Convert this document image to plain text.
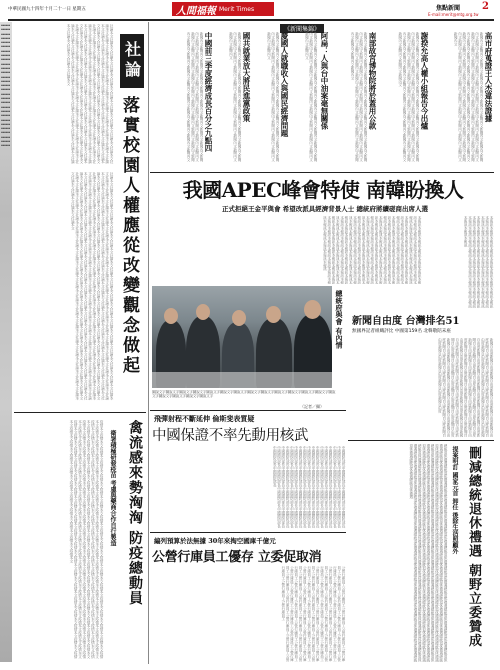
中華民國九十四年十月二十一日 星期五	人間福報 Merit Times	焦點新聞 2
E-mail:merit@mtg.org.tw
▪▪▪▪▪▪▪▪▪▪▪▪▪▪▪▪▪▪▪▪▪▪▪▪▪▪▪▪▪▪▪▪▪▪▪▪▪▪▪▪▪▪▪▪▪▪▪▪▪▪▪▪▪▪▪▪▪▪▪▪▪▪▪▪▪▪▪▪▪▪▪▪▪▪▪▪▪▪▪▪▪▪▪▪▪▪▪▪▪▪▪▪▪▪▪▪▪▪▪▪▪▪▪▪▪▪▪▪▪▪▪▪▪▪▪▪▪▪▪▪▪▪▪▪▪▪▪▪▪▪▪▪▪▪▪▪▪▪▪▪▪▪▪▪▪▪▪▪▪▪▪▪▪▪▪▪▪▪▪▪▪▪▪▪▪▪▪▪▪▪▪▪▪▪
社論
落實校園人權應從改變觀念做起
社論本文社論本文社論本文社論本文社論本文社論本文社論本文社論本文社論本文社論本文社論本文社論本文社論本文社論本文社論本文社論本文社論本文社論本文社論本文社論本文社論本文社論本文社論本文社論本文社論本文社論本文社論本文社論本文社論本文社論本文社論本文社論本文社論本文社論本文社論本文社論本文社論本文社論本文社論本文社論本文社論本文社論本文社論本文社論本文社論本文社論本文社論本文社論本文社論本文社論本文社論本文社論本文社論本文社論本文社論本文社論本文社論本文社論本文社論本文社論本文社論本文社論本文社論本文社論本文社論本文社論本文社論本文社論本文社論本文社論本文社論本文社論本文社論本文社論本文社論本文社論本文社論本文社論本文社論本文社論本文社論本文社論本文社論本文社論本文社論本文社論本文社論本文社論本文社論本文社論本文社論本文社論本文社論本文社論本文社論本文社論本文社論本文社論本文社論本文社論本文社論本文社論本文社論本文社論本文社論本文社論本文社論本文
社論本文社論本文社論本文社論本文社論本文社論本文社論本文社論本文社論本文社論本文社論本文社論本文社論本文社論本文社論本文社論本文社論本文社論本文社論本文社論本文社論本文社論本文社論本文社論本文社論本文社論本文社論本文社論本文社論本文社論本文社論本文社論本文社論本文社論本文社論本文社論本文社論本文社論本文社論本文社論本文社論本文社論本文社論本文社論本文社論本文社論本文社論本文社論本文社論本文社論本文社論本文社論本文社論本文社論本文社論本文社論本文社論本文社論本文社論本文社論本文社論本文社論本文社論本文社論本文社論本文社論本文社論本文社論本文社論本文社論本文社論本文社論本文社論本文社論本文社論本文社論本文社論本文社論本文社論本文社論本文社論本文社論本文社論本文社論本文社論本文社論本文社論本文社論本文社論本文社論本文社論本文社論本文社論本文社論本文社論本文社論本文社論本文社論本文社論本文社論本文社論本文社論本文社論本文社論本文社論本文社論本文社論本文社論本文社論本文社論本文社論本文社論本文社論本文社論本文社論本文社論本文社論本文社論本文社論本文社論本文社論本文社論本文社論本文社論本文社論本文社論本文社論本文社論本文社論本文社論本文社論本文社論本文社論本文社論本文社論本文社論本文社論本文社論本文社論本文社論本文社論本文社論本文社論本文社論本文社論本文社論本文社論本文社論本文社論本文社論本文社論本文社論本文社論本文社論本文社論本文
禽流感來勢洶洶 防疫總動員
衛署積極研發疫苗 考慮與藥商合作自行製造
疫情本文疫情本文疫情本文疫情本文疫情本文疫情本文疫情本文疫情本文疫情本文疫情本文疫情本文疫情本文疫情本文疫情本文疫情本文疫情本文疫情本文疫情本文疫情本文疫情本文疫情本文疫情本文疫情本文疫情本文疫情本文疫情本文疫情本文疫情本文疫情本文疫情本文疫情本文疫情本文疫情本文疫情本文疫情本文疫情本文疫情本文疫情本文疫情本文疫情本文疫情本文疫情本文疫情本文疫情本文疫情本文疫情本文疫情本文疫情本文疫情本文疫情本文疫情本文疫情本文疫情本文疫情本文疫情本文疫情本文疫情本文疫情本文疫情本文疫情本文疫情本文疫情本文疫情本文疫情本文疫情本文疫情本文疫情本文疫情本文疫情本文疫情本文疫情本文疫情本文疫情本文疫情本文疫情本文疫情本文疫情本文疫情本文疫情本文疫情本文疫情本文疫情本文疫情本文疫情本文疫情本文疫情本文疫情本文疫情本文疫情本文疫情本文疫情本文疫情本文疫情本文疫情本文疫情本文疫情本文疫情本文疫情本文疫情本文疫情本文疫情本文疫情本文疫情本文疫情本文疫情本文疫情本文疫情本文疫情本文疫情本文疫情本文疫情本文疫情本文疫情本文疫情本文疫情本文疫情本文疫情本文疫情本文疫情本文疫情本文疫情本文疫情本文疫情本文疫情本文疫情本文疫情本文疫情本文疫情本文疫情本文疫情本文疫情本文疫情本文疫情本文
《新聞集錦》
高市府蒐證王人杰違法證據
謝揆允高人權小組報告今出爐
南部故宮博物院將於蓋用公款
阿扁：人與台中油案毫無關係
慶國人就職收入與國民經濟問題
國共就業放大將民進黨政策
中國前三季度經濟成長百分之九點四	新聞內文新聞內文新聞內文新聞內文新聞內文新聞內文新聞內文新聞內文新聞內文新聞內文新聞內文新聞內文新聞內文新聞內文新聞內文新聞內文新聞內文新聞內文新聞內文新聞內文新聞內文新聞內文新聞內文新聞內文新聞內文新聞內文新聞內文新聞內文新聞內文新聞內文新聞內文新聞內文新聞內文新聞內文新聞內文新聞內文新聞內文新聞內文新聞內文新聞內文新聞內文新聞內文新聞內文新聞內文新聞內文新聞內文新聞內文新聞內文新聞內文新聞內文新聞內文新聞內文新聞內文新聞內文新聞內文新聞內文新聞內文新聞內文
新聞內文新聞內文新聞內文新聞內文新聞內文新聞內文新聞內文新聞內文新聞內文新聞內文新聞內文新聞內文新聞內文新聞內文新聞內文新聞內文新聞內文新聞內文新聞內文新聞內文新聞內文新聞內文新聞內文新聞內文新聞內文新聞內文新聞內文新聞內文新聞內文新聞內文新聞內文新聞內文新聞內文新聞內文新聞內文新聞內文新聞內文新聞內文新聞內文新聞內文新聞內文新聞內文
新聞內文新聞內文新聞內文新聞內文新聞內文新聞內文新聞內文新聞內文新聞內文新聞內文新聞內文新聞內文新聞內文新聞內文新聞內文新聞內文新聞內文新聞內文新聞內文新聞內文新聞內文新聞內文新聞內文新聞內文新聞內文新聞內文新聞內文新聞內文新聞內文新聞內文新聞內文新聞內文
新聞內文新聞內文新聞內文新聞內文新聞內文新聞內文新聞內文新聞內文新聞內文新聞內文新聞內文新聞內文新聞內文新聞內文新聞內文新聞內文新聞內文新聞內文新聞內文新聞內文新聞內文
新聞內文新聞內文新聞內文新聞內文新聞內文新聞內文新聞內文新聞內文新聞內文新聞內文新聞內文新聞內文新聞內文新聞內文新聞內文新聞內文新聞內文新聞內文新聞內文新聞內文新聞內文
新聞內文新聞內文新聞內文新聞內文新聞內文新聞內文新聞內文新聞內文新聞內文新聞內文新聞內文新聞內文新聞內文新聞內文新聞內文新聞內文新聞內文新聞內文新聞內文新聞內文新聞內文
新聞內文新聞內文新聞內文新聞內文新聞內文新聞內文新聞內文新聞內文新聞內文新聞內文新聞內文新聞內文新聞內文新聞內文新聞內文新聞內文新聞內文新聞內文新聞內文新聞內文新聞內文新聞內文新聞內文新聞內文新聞內文新聞內文新聞內文新聞內文新聞內文新聞內文新聞內文新聞內文新聞內文新聞內文新聞內文新聞內文新聞內文新聞內文
我國APEC峰會特使 南韓盼換人
正式拒絕王金平與會 希望改派具經濟背景人士 總統府將續磋商出席人選
本報訊本報訊本報訊本報訊本報訊本報訊本報訊本報訊本報訊本報訊本報訊本報訊本報訊本報訊本報訊本報訊本報訊本報訊本報訊本報訊本報訊本報訊本報訊本報訊本報訊本報訊本報訊本報訊本報訊本報訊本報訊本報訊本報訊本報訊本報訊本報訊本報訊本報訊本報訊本報訊本報訊本報訊本報訊本報訊本報訊本報訊本報訊本報訊本報訊本報訊本報訊本報訊本報訊本報訊本報訊本報訊本報訊本報訊本報訊本報訊本報訊本報訊本報訊本報訊本報訊本報訊本報訊本報訊本報訊本報訊本報訊本報訊本報訊本報訊本報訊本報訊本報訊本報訊本報訊本報訊本報訊本報訊本報訊本報訊本報訊本報訊本報訊本報訊本報訊本報訊本報訊本報訊本報訊本報訊本報訊本報訊本報訊本報訊本報訊本報訊本報訊本報訊本報訊本報訊本報訊本報訊本報訊本報訊本報訊本報訊本報訊本報訊本報訊本報訊本報訊本報訊本報訊本報訊本報訊本報訊本報訊本報訊本報訊本報訊本報訊本報訊本報訊本報訊本報訊本報訊本報訊本報訊本報訊本報訊本報訊本報訊本報訊本報訊本報訊本報訊本報訊本報訊本報訊本報訊本報訊本報訊本報訊本報訊本報訊本報訊本報訊本報訊
總統府與會 有內情
圖說文字圖說文字圖說文字圖說文字圖說文字圖說文字圖說文字圖說文字圖說文字圖說文字圖說文字圖說文字圖說文字圖說文字圖說文字圖說文字圖說文字圖說文字
（記者／攝）
本報訊本報訊本報訊本報訊本報訊本報訊本報訊本報訊本報訊本報訊本報訊本報訊本報訊本報訊本報訊本報訊本報訊本報訊本報訊本報訊本報訊本報訊本報訊本報訊本報訊本報訊本報訊本報訊本報訊本報訊本報訊本報訊本報訊本報訊本報訊本報訊本報訊本報訊本報訊本報訊本報訊本報訊本報訊本報訊本報訊本報訊本報訊本報訊本報訊本報訊本報訊本報訊本報訊本報訊本報訊本報訊本報訊
新聞自由度 台灣排名51
無國界記者組織評比 中國第159名 北韓敬陪末座
新聞自由度新聞自由度新聞自由度新聞自由度新聞自由度新聞自由度新聞自由度新聞自由度新聞自由度新聞自由度新聞自由度新聞自由度新聞自由度新聞自由度新聞自由度新聞自由度新聞自由度新聞自由度新聞自由度新聞自由度新聞自由度新聞自由度新聞自由度新聞自由度新聞自由度新聞自由度新聞自由度新聞自由度新聞自由度新聞自由度新聞自由度新聞自由度新聞自由度新聞自由度新聞自由度新聞自由度新聞自由度新聞自由度新聞自由度新聞自由度新聞自由度新聞自由度新聞自由度新聞自由度新聞自由度新聞自由度新聞自由度新聞自由度新聞自由度新聞自由度新聞自由度新聞自由度新聞自由度新聞自由度新聞自由度新聞自由度新聞自由度新聞自由度新聞自由度新聞自由度新聞自由度新聞自由度新聞自由度新聞自由度新聞自由度新聞自由度新聞自由度新聞自由度新聞自由度新聞自由度新聞自由度新聞自由度新聞自由度新聞自由度
飛彈射程不斷延伸 倫斯斐表質疑
中國保證不率先動用核武
中國國防部長中國國防部長中國國防部長中國國防部長中國國防部長中國國防部長中國國防部長中國國防部長中國國防部長中國國防部長中國國防部長中國國防部長中國國防部長中國國防部長中國國防部長中國國防部長中國國防部長中國國防部長中國國防部長中國國防部長中國國防部長中國國防部長中國國防部長中國國防部長中國國防部長中國國防部長中國國防部長中國國防部長中國國防部長中國國防部長中國國防部長中國國防部長中國國防部長中國國防部長中國國防部長中國國防部長中國國防部長中國國防部長中國國防部長中國國防部長中國國防部長中國國防部長中國國防部長中國國防部長中國國防部長中國國防部長中國國防部長中國國防部長中國國防部長中國國防部長中國國防部長中國國防部長中國國防部長中國國防部長中國國防部長中國國防部長中國國防部長中國國防部長中國國防部長中國國防部長中國國防部長中國國防部長中國國防部長中國國防部長中國國防部長中國國防部長
編列預算於法無據 30年來掏空國庫千億元
公營行庫員工優存 立委促取消
公營行庫員工公營行庫員工公營行庫員工公營行庫員工公營行庫員工公營行庫員工公營行庫員工公營行庫員工公營行庫員工公營行庫員工公營行庫員工公營行庫員工公營行庫員工公營行庫員工公營行庫員工公營行庫員工公營行庫員工公營行庫員工公營行庫員工公營行庫員工公營行庫員工公營行庫員工公營行庫員工公營行庫員工公營行庫員工公營行庫員工公營行庫員工公營行庫員工公營行庫員工公營行庫員工公營行庫員工公營行庫員工公營行庫員工公營行庫員工公營行庫員工公營行庫員工公營行庫員工公營行庫員工公營行庫員工公營行庫員工公營行庫員工公營行庫員工公營行庫員工公營行庫員工公營行庫員工公營行庫員工公營行庫員工公營行庫員工公營行庫員工公營行庫員工公營行庫員工公營行庫員工公營行庫員工公營行庫員工公營行庫員工公營行庫員工公營行庫員工公營行庫員工公營行庫員工公營行庫員工公營行庫員工公營行庫員工公營行庫員工公營行庫員工公營行庫員工公營行庫員工公營行庫員工公營行庫員工	總統退休禮遇總統退休禮遇總統退休禮遇總統退休禮遇總統退休禮遇總統退休禮遇總統退休禮遇總統退休禮遇總統退休禮遇總統退休禮遇總統退休禮遇總統退休禮遇總統退休禮遇總統退休禮遇總統退休禮遇總統退休禮遇總統退休禮遇總統退休禮遇總統退休禮遇總統退休禮遇總統退休禮遇總統退休禮遇總統退休禮遇總統退休禮遇總統退休禮遇總統退休禮遇總統退休禮遇總統退休禮遇總統退休禮遇總統退休禮遇總統退休禮遇總統退休禮遇總統退休禮遇總統退休禮遇總統退休禮遇總統退休禮遇總統退休禮遇總統退休禮遇總統退休禮遇總統退休禮遇總統退休禮遇總統退休禮遇總統退休禮遇總統退休禮遇總統退休禮遇總統退休禮遇總統退休禮遇總統退休禮遇總統退休禮遇總統退休禮遇總統退休禮遇總統退休禮遇總統退休禮遇總統退休禮遇總統退休禮遇總統退休禮遇總統退休禮遇總統退休禮遇總統退休禮遇總統退休禮遇總統退休禮遇總統退休禮遇總統退休禮遇總統退休禮遇總統退休禮遇總統退休禮遇總統退休禮遇總統退休禮遇總統退休禮遇總統退休禮遇總統退休禮遇總統退休禮遇總統退休禮遇總統退休禮遇總統退休禮遇總統退休禮遇總統退休禮遇總統退休禮遇總統退休禮遇總統退休禮遇總統退休禮遇總統退休禮遇總統退休禮遇總統退休禮遇總統退休禮遇總統退休禮遇總統退休禮遇總統退休禮遇	提案明訂 國家元首 卸任 後除生活照顧外 刪減總統退休禮遇 朝野立委贊成
